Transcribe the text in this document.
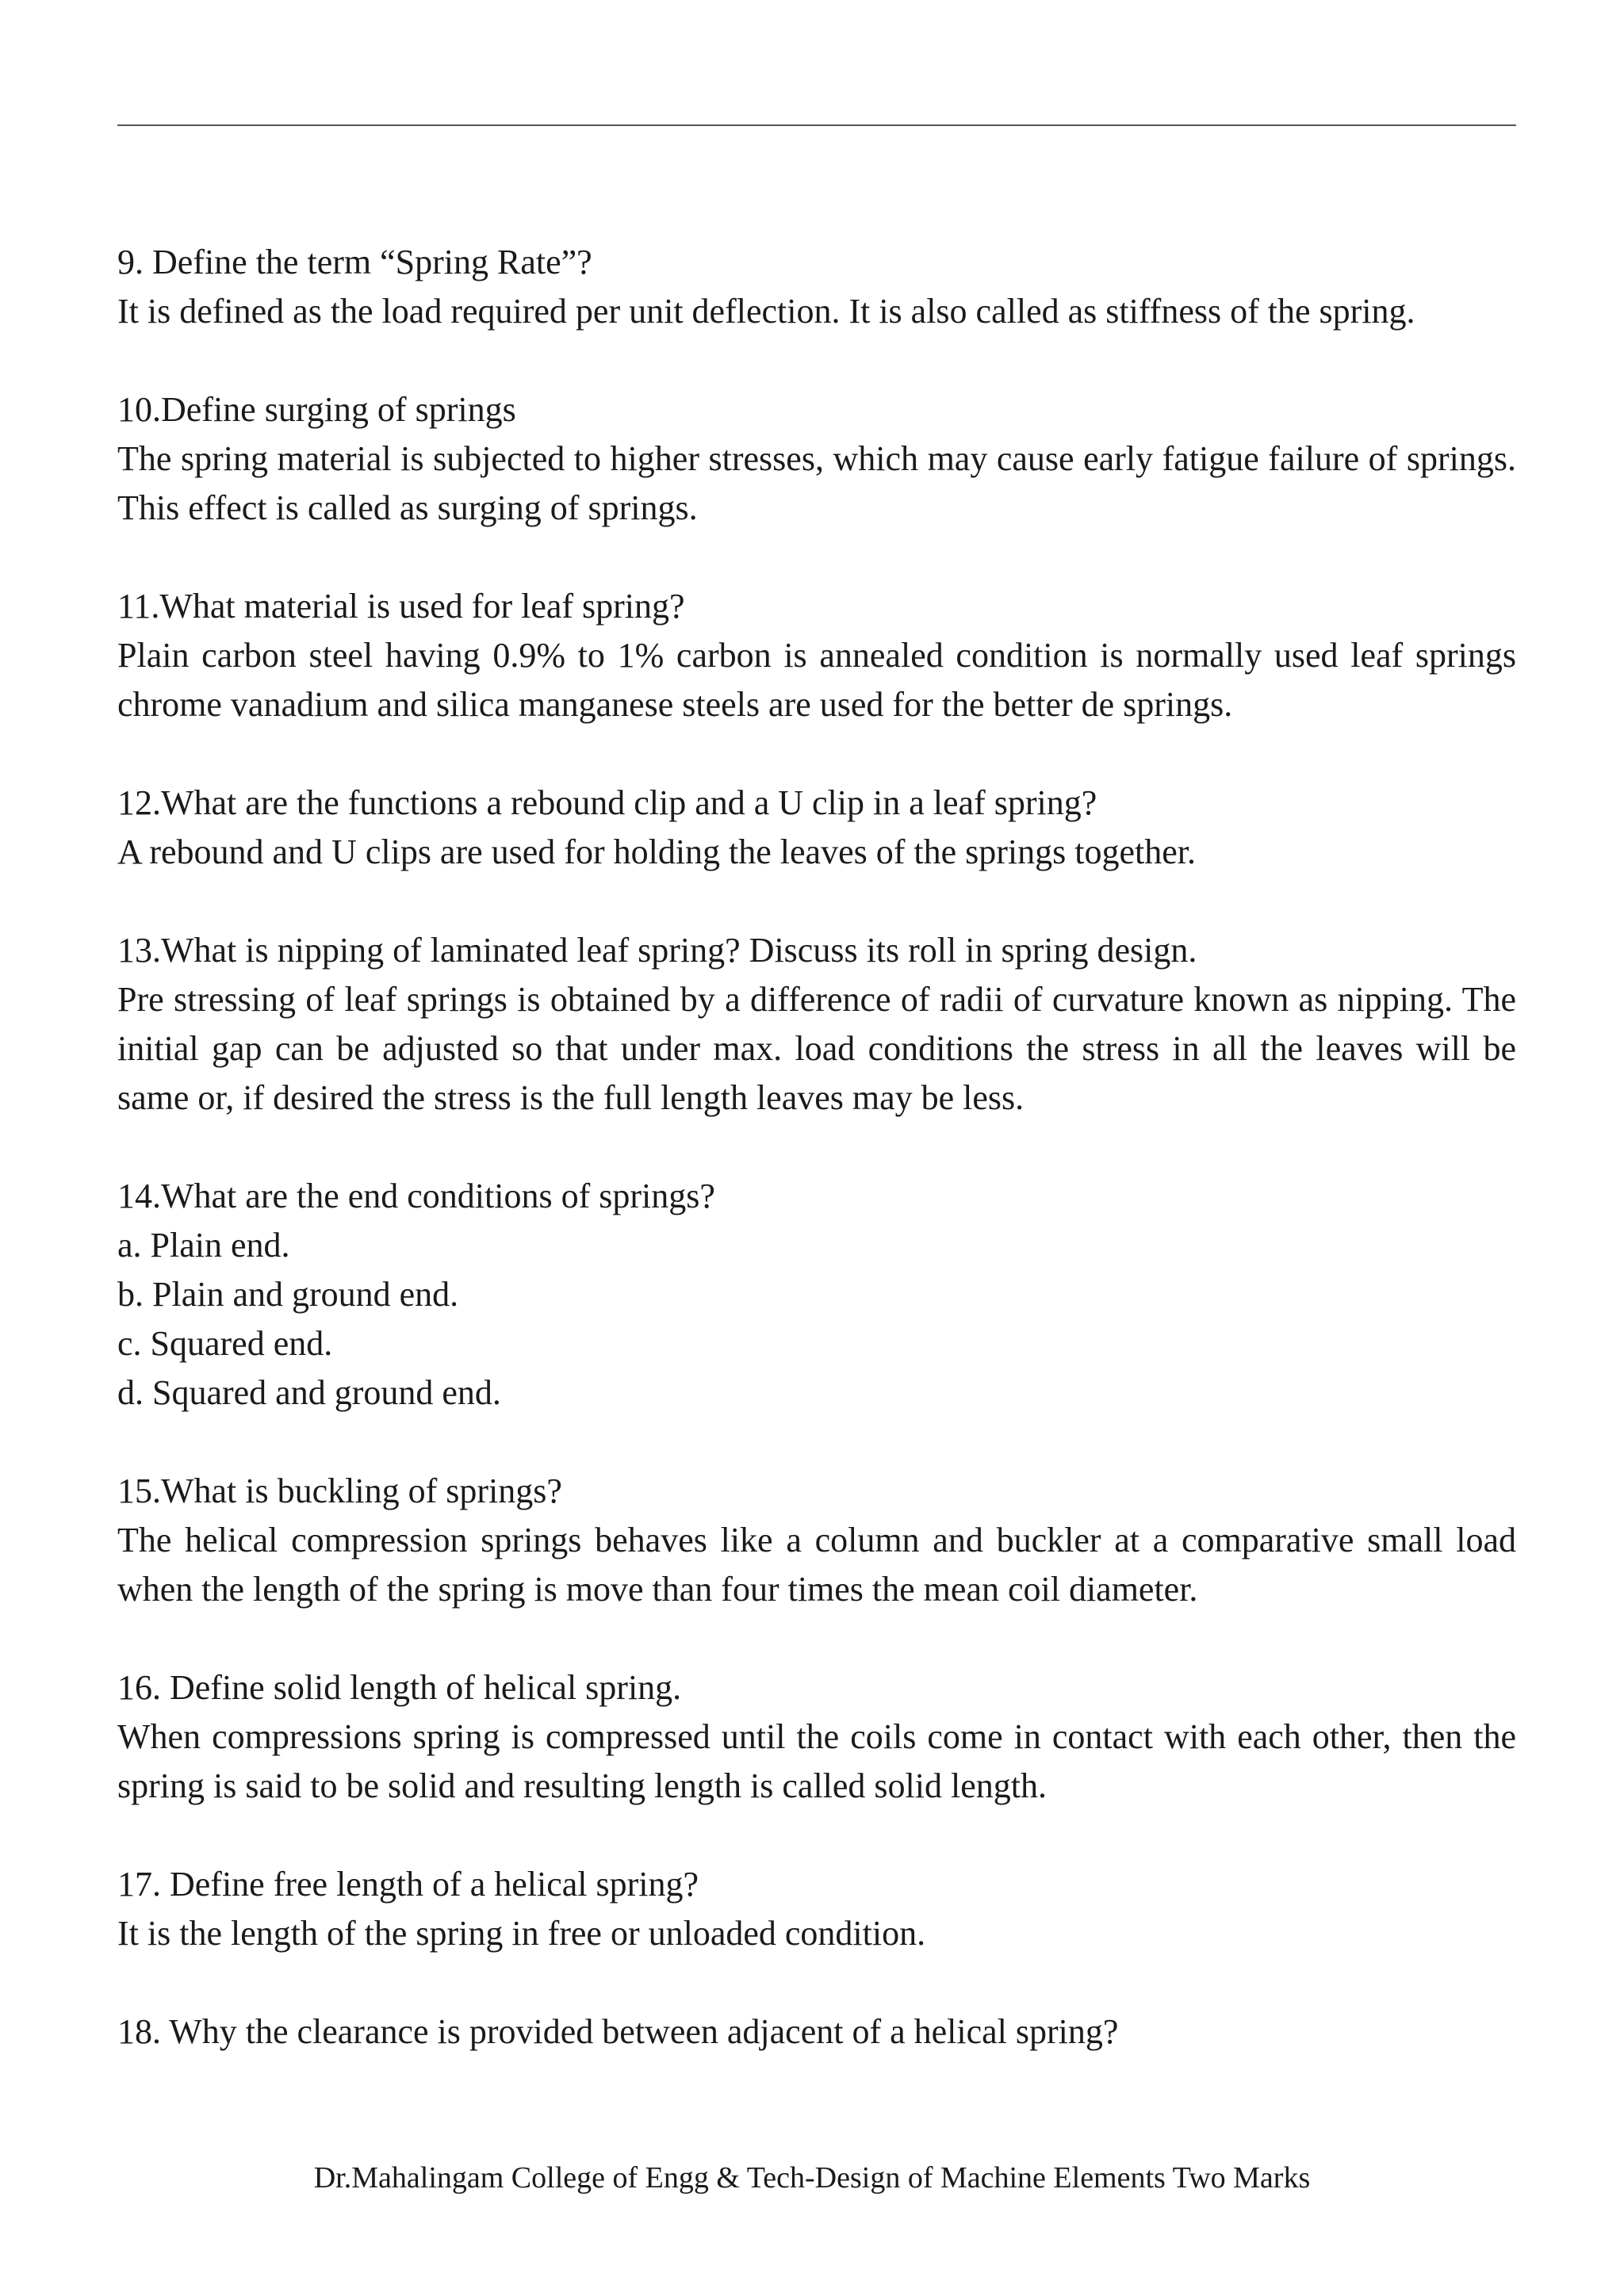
9. Define the term “Spring Rate”?
It is defined as the load required per unit deflection. It is also called as stiffness of the spring.
10.Define surging of springs
The spring material is subjected to higher stresses, which may cause early fatigue failure of springs. This effect is called as surging of springs.
11.What material is used for leaf spring?
Plain carbon steel having 0.9% to 1% carbon is annealed condition is normally used leaf springs chrome vanadium and silica manganese steels are used for the better de springs.
12.What are the functions a rebound clip and a U clip in a leaf spring?
A rebound and U clips are used for holding the leaves of the springs together.
13.What is nipping of laminated leaf spring? Discuss its roll in spring design.
Pre stressing of leaf springs is obtained by a difference of radii of curvature known as nipping. The initial gap can be adjusted so that under max. load conditions the stress in all the leaves will be same or, if desired the stress is the full length leaves may be less.
14.What are the end conditions of springs?
a. Plain end.
b. Plain and ground end.
c. Squared end.
d. Squared and ground end.
15.What is buckling of springs?
The helical compression springs behaves like a column and buckler at a comparative small load when the length of the spring is move than four times the mean coil diameter.
16. Define solid length of helical spring.
When compressions spring is compressed until the coils come in contact with each other, then the spring is said to be solid and resulting length is called solid length.
17. Define free length of a helical spring?
It is the length of the spring in free or unloaded condition.
18. Why the clearance is provided between adjacent of a helical spring?
Dr.Mahalingam College of Engg & Tech-Design of Machine Elements Two Marks
